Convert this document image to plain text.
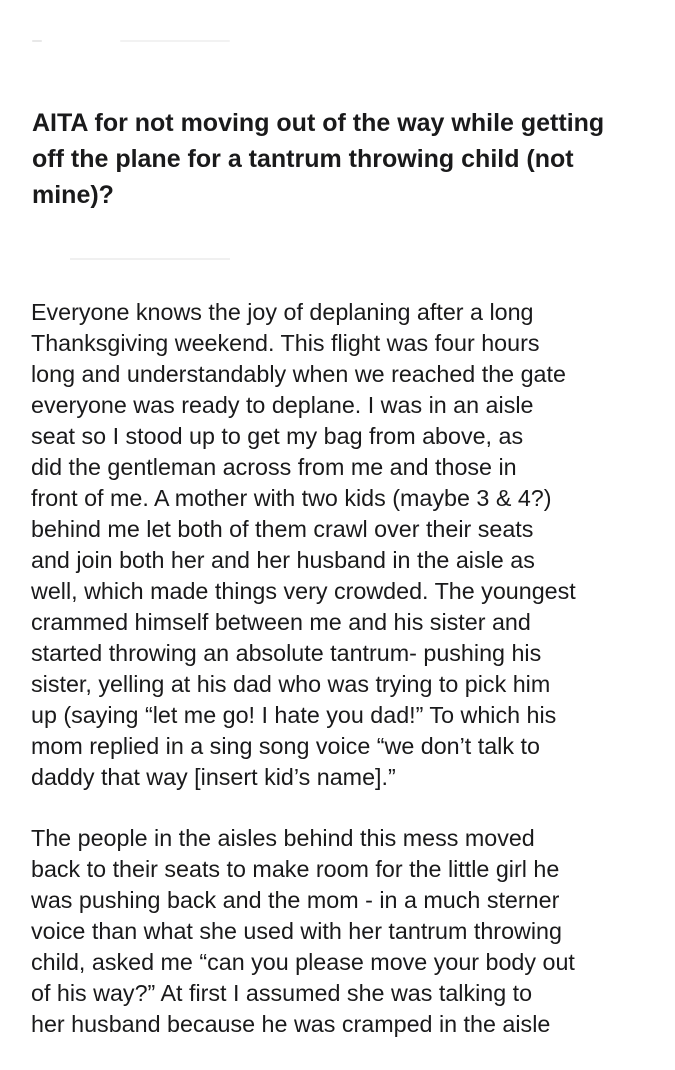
AITA for not moving out of the way while getting off the plane for a tantrum throwing child (not mine)?

Everyone knows the joy of deplaning after a long
Thanksgiving weekend. This flight was four hours
long and understandably when we reached the gate
everyone was ready to deplane. I was in an aisle
seat so I stood up to get my bag from above, as
did the gentleman across from me and those in
front of me. A mother with two kids (maybe 3 & 4?)
behind me let both of them crawl over their seats
and join both her and her husband in the aisle as
well, which made things very crowded. The youngest
crammed himself between me and his sister and
started throwing an absolute tantrum- pushing his
sister, yelling at his dad who was trying to pick him
up (saying “let me go! I hate you dad!” To which his
mom replied in a sing song voice “we don’t talk to
daddy that way [insert kid’s name].”

The people in the aisles behind this mess moved
back to their seats to make room for the little girl he
was pushing back and the mom - in a much sterner
voice than what she used with her tantrum throwing
child, asked me “can you please move your body out
of his way?” At first I assumed she was talking to
her husband because he was cramped in the aisle
